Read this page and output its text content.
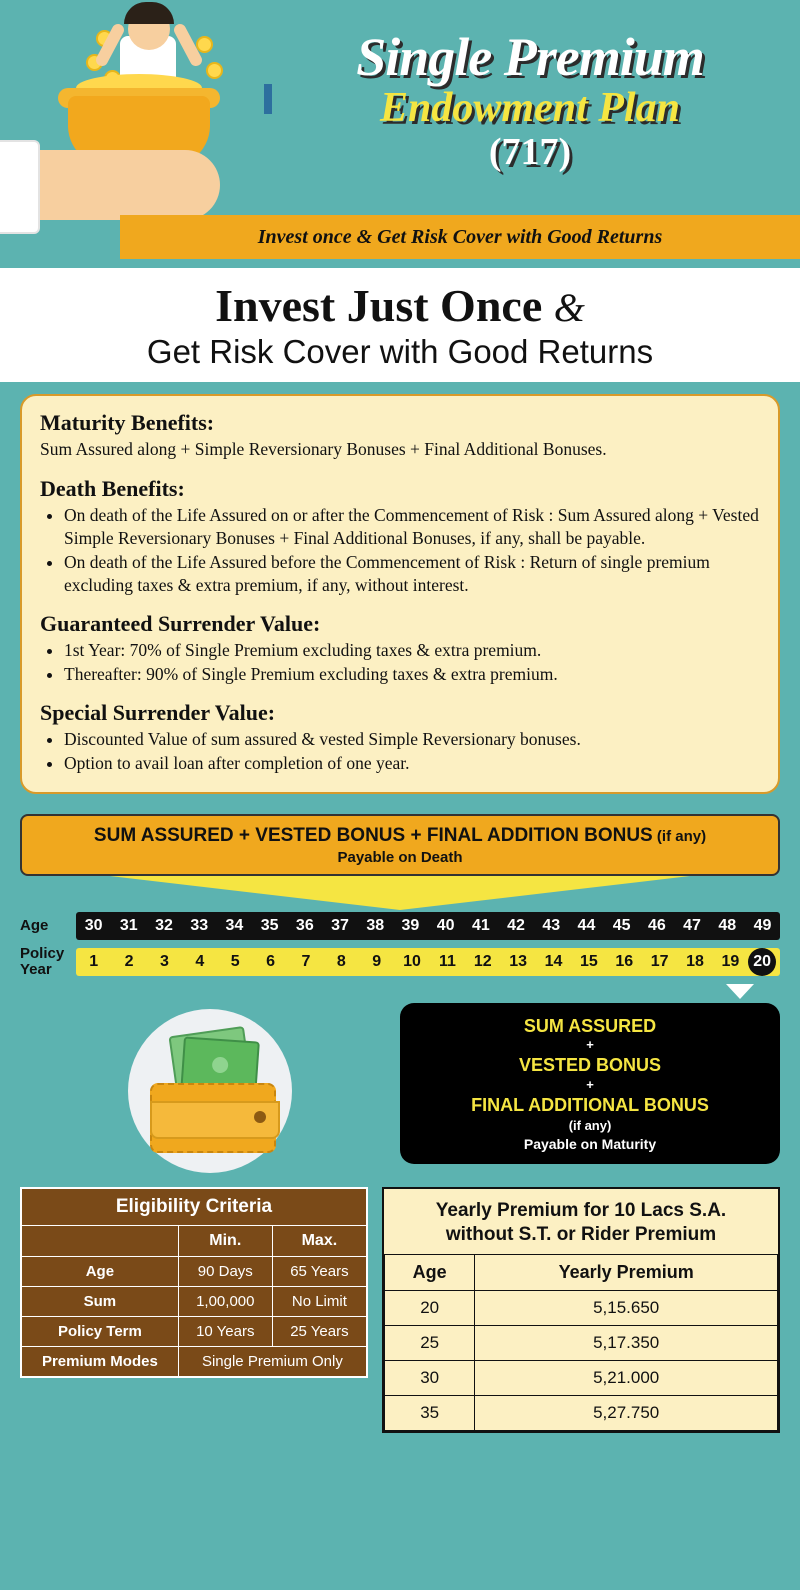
Single Premium
Endowment Plan
(717)
Invest once & Get Risk Cover with Good Returns
Invest Just Once &
Get Risk Cover with Good Returns
Maturity Benefits:

Sum Assured along + Simple Reversionary Bonuses + Final Additional Bonuses.

Death Benefits:
• On death of the Life Assured on or after the Commencement of Risk : Sum Assured along + Vested Simple Reversionary Bonuses + Final Additional Bonuses, if any, shall be payable.
• On death of the Life Assured before the Commencement of Risk : Return of single premium excluding taxes & extra premium, if any, without interest.
Guaranteed Surrender Value:
• 1st Year: 70% of Single Premium excluding taxes & extra premium.
• Thereafter: 90% of Single Premium excluding taxes & extra premium.
Special Surrender Value:
• Discounted Value of sum assured & vested Simple Reversionary bonuses.
• Option to avail loan after completion of one year.
SUM ASSURED + VESTED BONUS + FINAL ADDITION BONUS (if any)
Payable on Death
Age	30	31	32	33	34	35	36	37	38	39	40	41	42	43	44	45	46	47	48	49
Policy
Year	1	2	3	4	5	6	7	8	9	10	11	12	13	14	15	16	17	18	19 20
SUM ASSURED
+
VESTED BONUS
+
FINAL ADDITIONAL BONUS
(if any)
Payable on Maturity
Eligibility Criteria		
	Min.	Max.
Age	90 Days	65 Years
Sum	1,00,000	No Limit
Policy Term	10 Years	25 Years
Premium Modes	Single Premium Only	
Yearly Premium for 10 Lacs S.A.
without S.T. or Rider Premium
Age	Yearly Premium
20	5,15.650
25	5,17.350
30	5,21.000
35	5,27.750
